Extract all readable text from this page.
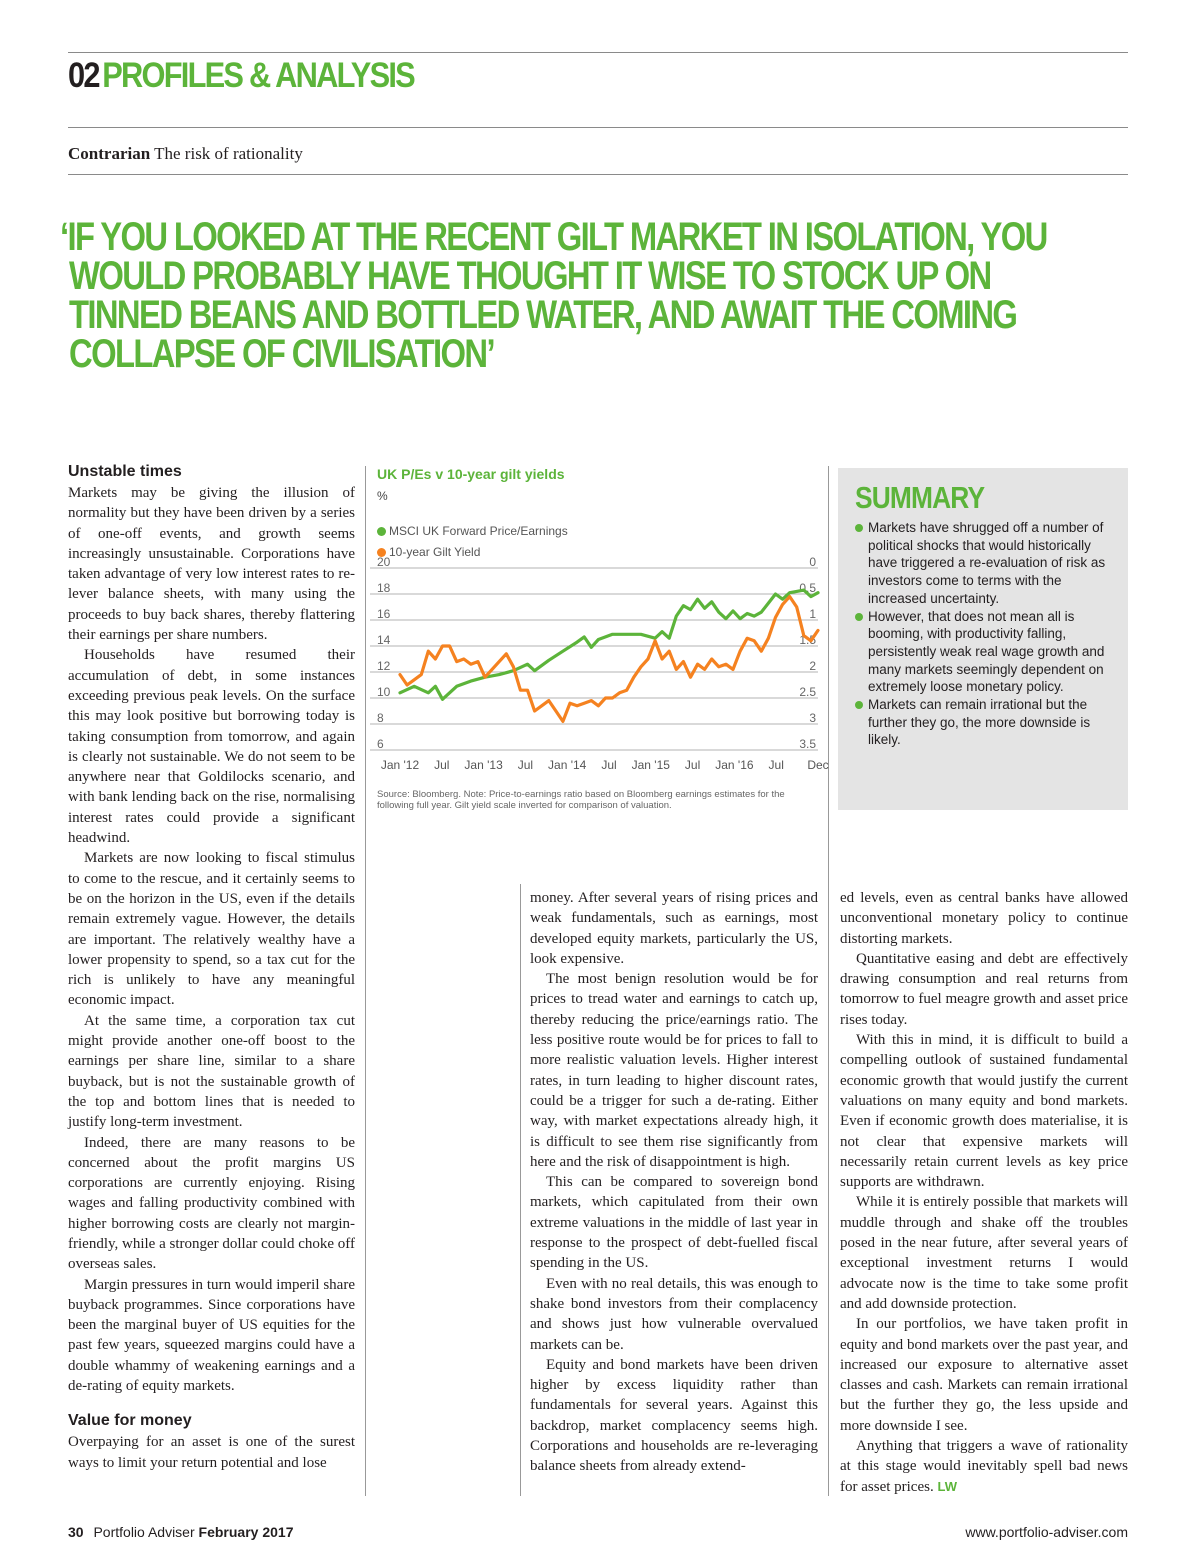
02 PROFILES & ANALYSIS
Contrarian The risk of rationality
‘IF YOU LOOKED AT THE RECENT GILT MARKET IN ISOLATION, YOU
WOULD PROBABLY HAVE THOUGHT IT WISE TO STOCK UP ON
TINNED BEANS AND BOTTLED WATER, AND AWAIT THE COMING
COLLAPSE OF CIVILISATION’
Unstable times

Markets may be giving the illusion of normality but they have been driven by a series of one-off events, and growth seems increasingly unsustainable. Corporations have taken advantage of very low interest rates to re-lever balance sheets, with many using the proceeds to buy back shares, thereby flattering their earnings per share numbers.

Households have resumed their accumulation of debt, in some instances exceeding previous peak levels. On the surface this may look positive but borrowing today is taking consumption from tomorrow, and again is clearly not sustainable. We do not seem to be anywhere near that Goldilocks scenario, and with bank lending back on the rise, normalising interest rates could provide a significant headwind.

Markets are now looking to fiscal stimulus to come to the rescue, and it certainly seems to be on the horizon in the US, even if the details remain extremely vague. However, the details are important. The relatively wealthy have a lower propensity to spend, so a tax cut for the rich is unlikely to have any meaningful economic impact.

At the same time, a corporation tax cut might provide another one-off boost to the earnings per share line, similar to a share buyback, but is not the sustainable growth of the top and bottom lines that is needed to justify long-term investment.

Indeed, there are many reasons to be concerned about the profit margins US corporations are currently enjoying. Rising wages and falling productivity combined with higher borrowing costs are clearly not margin-friendly, while a stronger dollar could choke off overseas sales.

Margin pressures in turn would imperil share buyback programmes. Since corporations have been the marginal buyer of US equities for the past few years, squeezed margins could have a double whammy of weakening earnings and a de-rating of equity markets.

Value for money

Overpaying for an asset is one of the surest ways to limit your return potential and lose

UK P/Es v 10-year gilt yields
%
MSCI UK Forward Price/Earnings
10-year Gilt Yield
20
18
16
14
12
10
8
6
0
0.5
1
1.5
2
2.5
3
3.5
Jan '12 Jul Jan '13 Jul Jan '14 Jul Jan '15 Jul Jan '16 Jul Dec
Source: Bloomberg. Note: Price-to-earnings ratio based on Bloomberg earnings estimates for the following full year. Gilt yield scale inverted for comparison of valuation.
SUMMARY
Markets have shrugged off a number of political shocks that would historically have triggered a re-evaluation of risk as investors come to terms with the increased uncertainty.
However, that does not mean all is booming, with productivity falling, persistently weak real wage growth and many markets seemingly dependent on extremely loose monetary policy.
Markets can remain irrational but the further they go, the more downside is likely.

money. After several years of rising prices and weak fundamentals, such as earnings, most developed equity markets, particularly the US, look expensive.

The most benign resolution would be for prices to tread water and earnings to catch up, thereby reducing the price/earnings ratio. The less positive route would be for prices to fall to more realistic valuation levels. Higher interest rates, in turn leading to higher discount rates, could be a trigger for such a de-rating. Either way, with market expectations already high, it is difficult to see them rise significantly from here and the risk of disappointment is high.

This can be compared to sovereign bond markets, which capitulated from their own extreme valuations in the middle of last year in response to the prospect of debt-fuelled fiscal spending in the US.

Even with no real details, this was enough to shake bond investors from their complacency and shows just how vulnerable overvalued markets can be.

Equity and bond markets have been driven higher by excess liquidity rather than fundamentals for several years. Against this backdrop, market complacency seems high. Corporations and households are re-leveraging balance sheets from already extend-

ed levels, even as central banks have allowed unconventional monetary policy to continue distorting markets.

Quantitative easing and debt are effectively drawing consumption and real returns from tomorrow to fuel meagre growth and asset price rises today.

With this in mind, it is difficult to build a compelling outlook of sustained fundamental economic growth that would justify the current valuations on many equity and bond markets. Even if economic growth does materialise, it is not clear that expensive markets will necessarily retain current levels as key price supports are withdrawn.

While it is entirely possible that markets will muddle through and shake off the troubles posed in the near future, after several years of exceptional investment returns I would advocate now is the time to take some profit and add downside protection.

In our portfolios, we have taken profit in equity and bond markets over the past year, and increased our exposure to alternative asset classes and cash. Markets can remain irrational but the further they go, the less upside and more downside I see.

Anything that triggers a wave of rationality at this stage would inevitably spell bad news for asset prices. LW

30 Portfolio Adviser February 2017	www.portfolio-adviser.com
